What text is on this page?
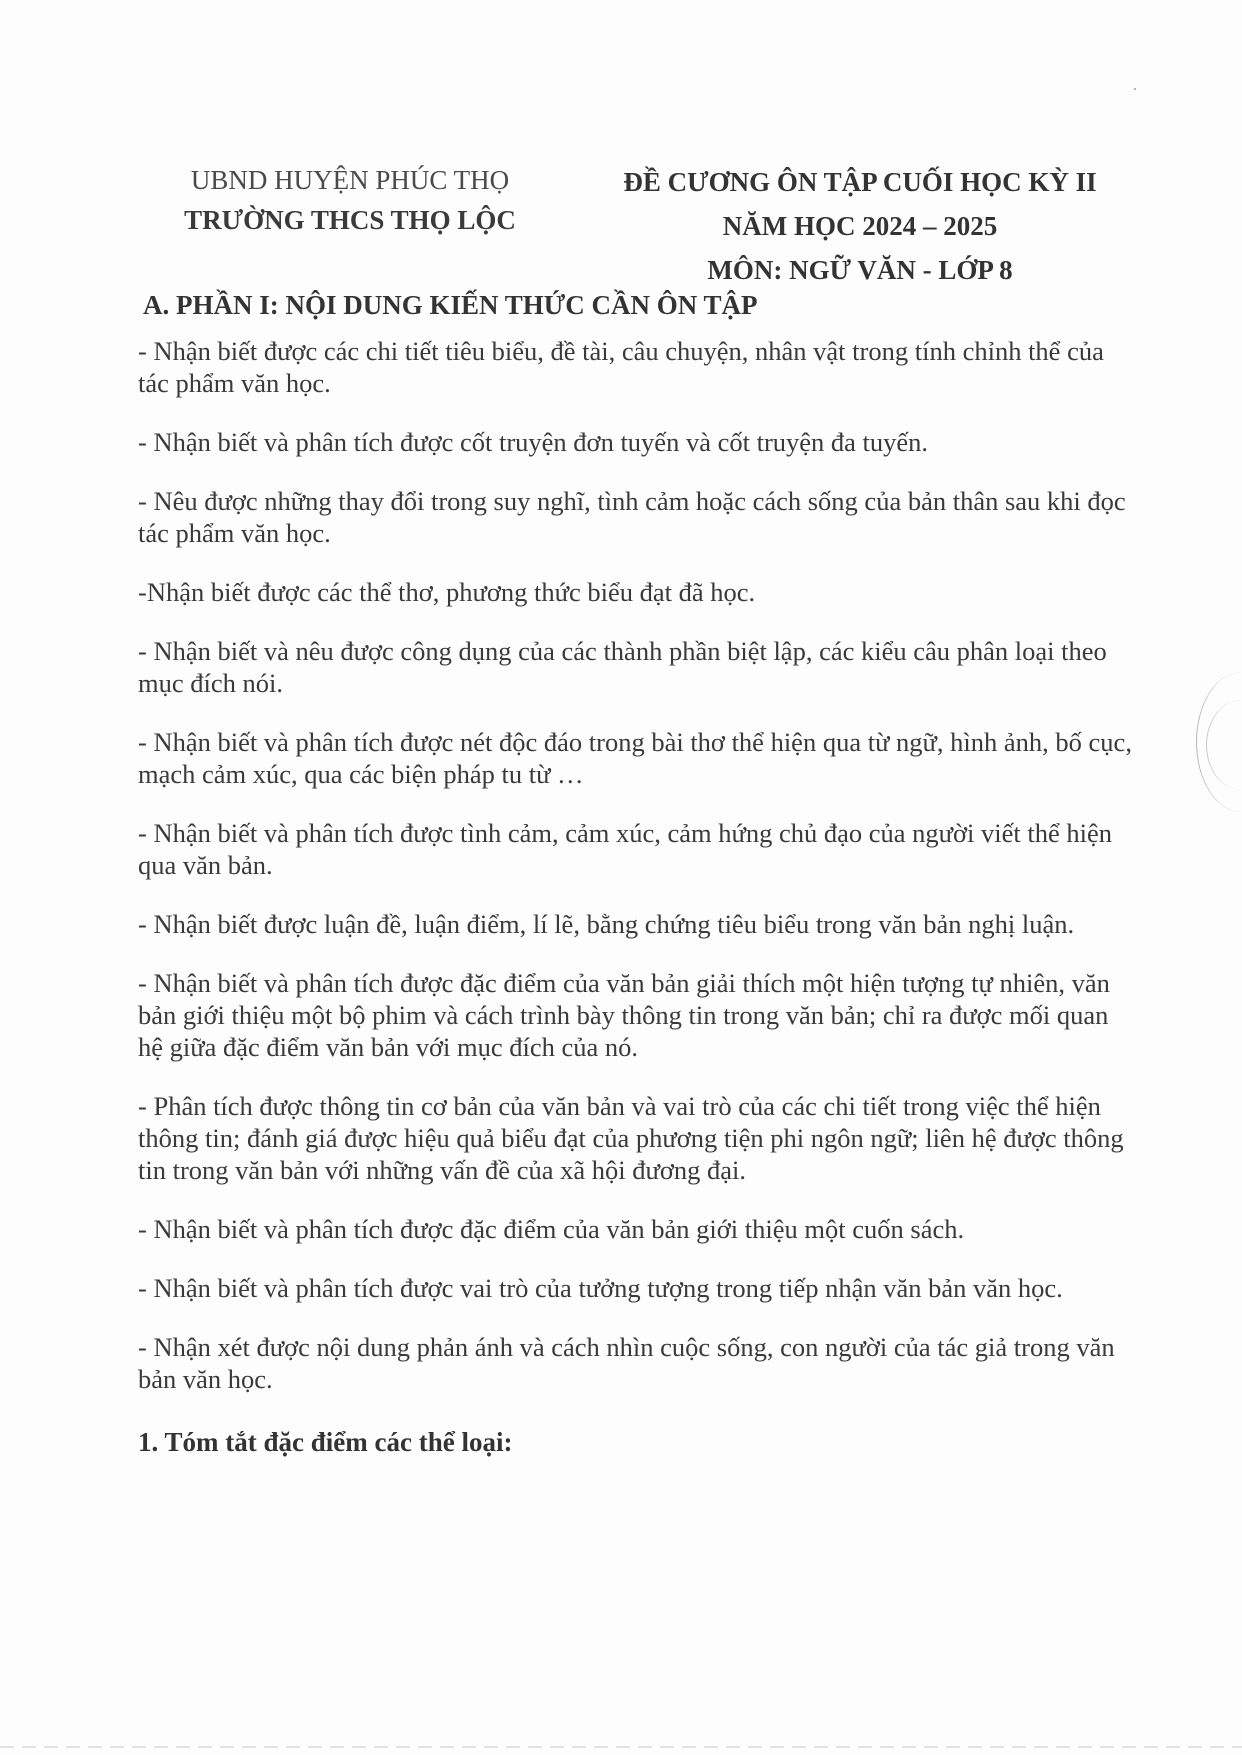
UBND HUYỆN PHÚC THỌ
TRƯỜNG THCS THỌ LỘC
ĐỀ CƯƠNG ÔN TẬP CUỐI HỌC KỲ II
NĂM HỌC 2024 – 2025
MÔN: NGỮ VĂN - LỚP 8
A. PHẦN I: NỘI DUNG KIẾN THỨC CẦN ÔN TẬP

- Nhận biết được các chi tiết tiêu biểu, đề tài, câu chuyện, nhân vật trong tính chỉnh thể của tác phẩm văn học.

- Nhận biết và phân tích được cốt truyện đơn tuyến và cốt truyện đa tuyến.

- Nêu được những thay đổi trong suy nghĩ, tình cảm hoặc cách sống của bản thân sau khi đọc tác phẩm văn học.

-Nhận biết được các thể thơ, phương thức biểu đạt đã học.

- Nhận biết và nêu được công dụng của các thành phần biệt lập, các kiểu câu phân loại theo mục đích nói.

- Nhận biết và phân tích được nét độc đáo trong bài thơ thể hiện qua từ ngữ, hình ảnh, bố cục, mạch cảm xúc, qua các biện pháp tu từ …

- Nhận biết và phân tích được tình cảm, cảm xúc, cảm hứng chủ đạo của người viết thể hiện qua văn bản.

- Nhận biết được luận đề, luận điểm, lí lẽ, bằng chứng tiêu biểu trong văn bản nghị luận.

- Nhận biết và phân tích được đặc điểm của văn bản giải thích một hiện tượng tự nhiên, văn bản giới thiệu một bộ phim và cách trình bày thông tin trong văn bản; chỉ ra được mối quan hệ giữa đặc điểm văn bản với mục đích của nó.

- Phân tích được thông tin cơ bản của văn bản và vai trò của các chi tiết trong việc thể hiện thông tin; đánh giá được hiệu quả biểu đạt của phương tiện phi ngôn ngữ; liên hệ được thông tin trong văn bản với những vấn đề của xã hội đương đại.

- Nhận biết và phân tích được đặc điểm của văn bản giới thiệu một cuốn sách.

- Nhận biết và phân tích được vai trò của tưởng tượng trong tiếp nhận văn bản văn học.

- Nhận xét được nội dung phản ánh và cách nhìn cuộc sống, con người của tác giả trong văn bản văn học.

1. Tóm tắt đặc điểm các thể loại:
